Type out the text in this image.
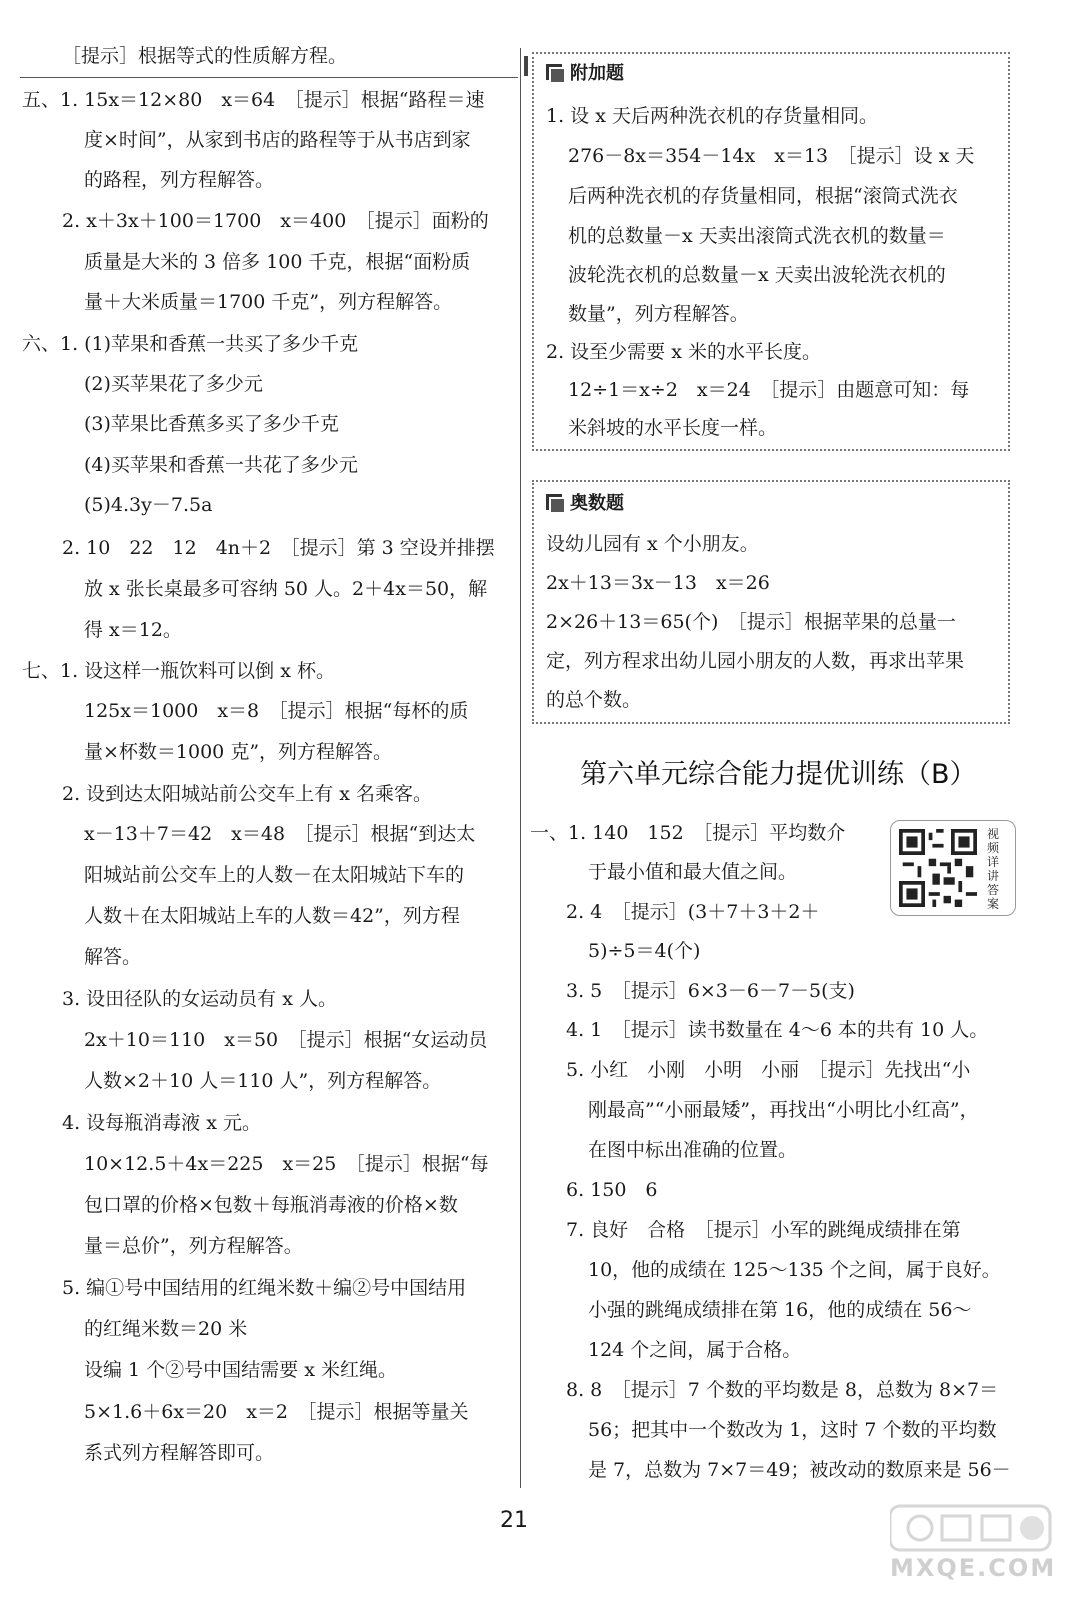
［提示］根据等式的性质解方程。
五、1. 15x＝12×80　x＝64　［提示］根据“路程＝速
度×时间”，从家到书店的路程等于从书店到家
的路程，列方程解答。
2. x＋3x＋100＝1700　x＝400　［提示］面粉的
质量是大米的 3 倍多 100 千克，根据“面粉质
量＋大米质量＝1700 千克”，列方程解答。
六、1. (1)苹果和香蕉一共买了多少千克
(2)买苹果花了多少元
(3)苹果比香蕉多买了多少千克
(4)买苹果和香蕉一共花了多少元
(5)4.3y－7.5a
2. 10　22　12　4n＋2　［提示］第 3 空设并排摆
放 x 张长桌最多可容纳 50 人。2＋4x＝50，解
得 x＝12。
七、1. 设这样一瓶饮料可以倒 x 杯。
125x＝1000　x＝8　［提示］根据“每杯的质
量×杯数＝1000 克”，列方程解答。
2. 设到达太阳城站前公交车上有 x 名乘客。
x－13＋7＝42　x＝48　［提示］根据“到达太
阳城站前公交车上的人数－在太阳城站下车的
人数＋在太阳城站上车的人数＝42”，列方程
解答。
3. 设田径队的女运动员有 x 人。
2x＋10＝110　x＝50　［提示］根据“女运动员
人数×2＋10 人＝110 人”，列方程解答。
4. 设每瓶消毒液 x 元。
10×12.5＋4x＝225　x＝25　［提示］根据“每
包口罩的价格×包数＋每瓶消毒液的价格×数
量＝总价”，列方程解答。
5. 编①号中国结用的红绳米数＋编②号中国结用
的红绳米数＝20 米
设编 1 个②号中国结需要 x 米红绳。
5×1.6＋6x＝20　x＝2　［提示］根据等量关
系式列方程解答即可。
附加题
1. 设 x 天后两种洗衣机的存货量相同。
276－8x＝354－14x　x＝13　［提示］设 x 天
后两种洗衣机的存货量相同，根据“滚筒式洗衣
机的总数量－x 天卖出滚筒式洗衣机的数量＝
波轮洗衣机的总数量－x 天卖出波轮洗衣机的
数量”，列方程解答。
2. 设至少需要 x 米的水平长度。
12÷1＝x÷2　x＝24　［提示］由题意可知：每
米斜坡的水平长度一样。
奥数题
设幼儿园有 x 个小朋友。
2x＋13＝3x－13　x＝26
2×26＋13＝65(个)　［提示］根据苹果的总量一
定，列方程求出幼儿园小朋友的人数，再求出苹果
的总个数。
第六单元综合能力提优训练（B）
视频详讲答案
一、1. 140　152　［提示］平均数介
于最小值和最大值之间。
2. 4　［提示］(3＋7＋3＋2＋
5)÷5＝4(个)
3. 5　［提示］6×3－6－7－5(支)
4. 1　［提示］读书数量在 4～6 本的共有 10 人。
5. 小红　小刚　小明　小丽　［提示］先找出“小
刚最高”“小丽最矮”，再找出“小明比小红高”，
在图中标出准确的位置。
6. 150　6
7. 良好　合格　［提示］小军的跳绳成绩排在第
10，他的成绩在 125～135 个之间，属于良好。
小强的跳绳成绩排在第 16，他的成绩在 56～
124 个之间，属于合格。
8. 8　［提示］7 个数的平均数是 8，总数为 8×7＝
56；把其中一个数改为 1，这时 7 个数的平均数
是 7，总数为 7×7＝49；被改动的数原来是 56－
21
MXQE.COM
